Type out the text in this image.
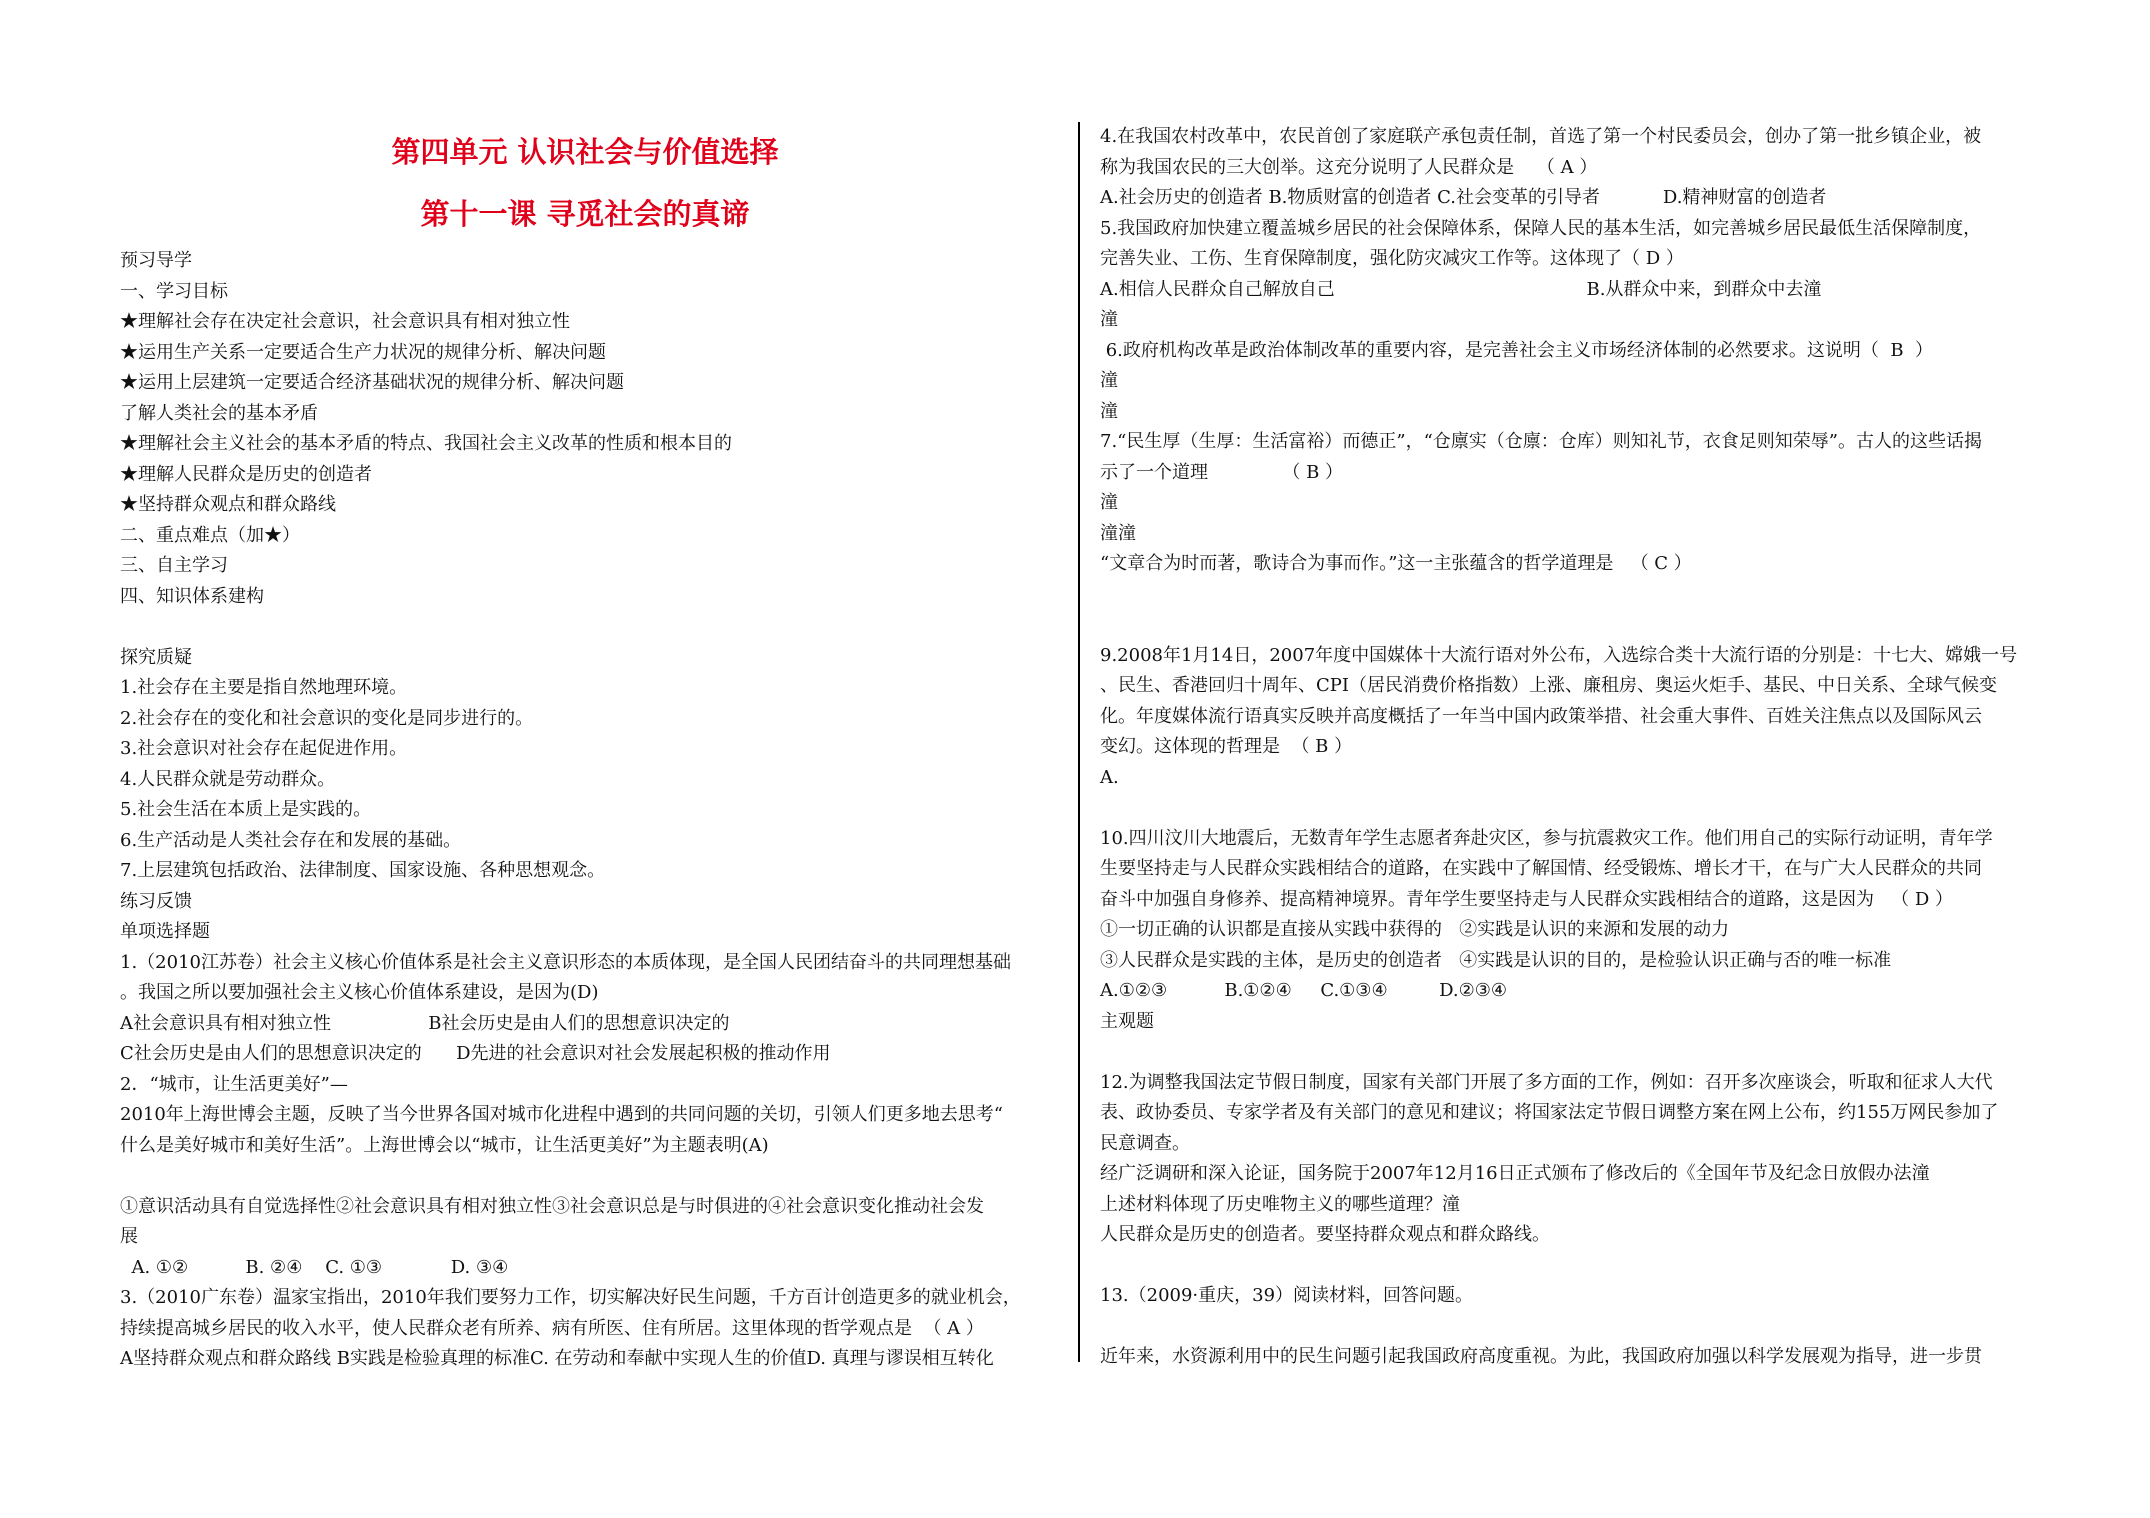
第四单元 认识社会与价值选择
第十一课 寻觅社会的真谛
预习导学
一、学习目标
★理解社会存在决定社会意识，社会意识具有相对独立性
★运用生产关系一定要适合生产力状况的规律分析、解决问题
★运用上层建筑一定要适合经济基础状况的规律分析、解决问题
了解人类社会的基本矛盾
★理解社会主义社会的基本矛盾的特点、我国社会主义改革的性质和根本目的
★理解人民群众是历史的创造者
★坚持群众观点和群众路线
二、重点难点（加★）
三、自主学习
四、知识体系建构
探究质疑
1.社会存在主要是指自然地理环境。
2.社会存在的变化和社会意识的变化是同步进行的。
3.社会意识对社会存在起促进作用。
4.人民群众就是劳动群众。
5.社会生活在本质上是实践的。
6.生产活动是人类社会存在和发展的基础。
7.上层建筑包括政治、法律制度、国家设施、各种思想观念。
练习反馈
单项选择题
1.（2010江苏卷）社会主义核心价值体系是社会主义意识形态的本质体现，是全国人民团结奋斗的共同理想基础
。我国之所以要加强社会主义核心价值体系建设，是因为(D)
A社会意识具有相对独立性                 B社会历史是由人们的思想意识决定的
C社会历史是由人们的思想意识决定的      D先进的社会意识对社会发展起积极的推动作用
2．“城市，让生活更美好”—
2010年上海世博会主题，反映了当今世界各国对城市化进程中遇到的共同问题的关切，引领人们更多地去思考“
什么是美好城市和美好生活”。上海世博会以“城市，让生活更美好”为主题表明(A)
①意识活动具有自觉选择性②社会意识具有相对独立性③社会意识总是与时俱进的④社会意识变化推动社会发
展
A. ①②          B. ②④    C. ①③            D. ③④
3.（2010广东卷）温家宝指出，2010年我们要努力工作，切实解决好民生问题，千方百计创造更多的就业机会，
持续提高城乡居民的收入水平，使人民群众老有所养、病有所医、住有所居。这里体现的哲学观点是  （ A ）
A坚持群众观点和群众路线 B实践是检验真理的标准C. 在劳动和奉献中实现人生的价值D. 真理与谬误相互转化
4.在我国农村改革中，农民首创了家庭联产承包责任制，首选了第一个村民委员会，创办了第一批乡镇企业，被
称为我国农民的三大创举。这充分说明了人民群众是    （ A ）
A.社会历史的创造者 B.物质财富的创造者 C.社会变革的引导者           D.精神财富的创造者
5.我国政府加快建立覆盖城乡居民的社会保障体系，保障人民的基本生活，如完善城乡居民最低生活保障制度，
完善失业、工伤、生育保障制度，强化防灾减灾工作等。这体现了（ D ）
A.相信人民群众自己解放自己                                            B.从群众中来，到群众中去潼
潼
6.政府机构改革是政治体制改革的重要内容，是完善社会主义市场经济体制的必然要求。这说明（  B  ）
潼
潼
7.“民生厚（生厚：生活富裕）而德正”，“仓廪实（仓廪：仓库）则知礼节，衣食足则知荣辱”。古人的这些话揭
示了一个道理             （ B ）
潼
潼潼
“文章合为时而著，歌诗合为事而作。”这一主张蕴含的哲学道理是   （ C ）
9.2008年1月14日，2007年度中国媒体十大流行语对外公布，入选综合类十大流行语的分别是：十七大、嫦娥一号
、民生、香港回归十周年、CPI（居民消费价格指数）上涨、廉租房、奥运火炬手、基民、中日关系、全球气候变
化。年度媒体流行语真实反映并高度概括了一年当中国内政策举措、社会重大事件、百姓关注焦点以及国际风云
变幻。这体现的哲理是  （ B ）
A.
10.四川汶川大地震后，无数青年学生志愿者奔赴灾区，参与抗震救灾工作。他们用自己的实际行动证明，青年学
生要坚持走与人民群众实践相结合的道路，在实践中了解国情、经受锻炼、增长才干，在与广大人民群众的共同
奋斗中加强自身修养、提高精神境界。青年学生要坚持走与人民群众实践相结合的道路，这是因为   （ D ）
①一切正确的认识都是直接从实践中获得的   ②实践是认识的来源和发展的动力
③人民群众是实践的主体，是历史的创造者   ④实践是认识的目的，是检验认识正确与否的唯一标准
A.①②③          B.①②④     C.①③④         D.②③④
主观题
12.为调整我国法定节假日制度，国家有关部门开展了多方面的工作，例如：召开多次座谈会，听取和征求人大代
表、政协委员、专家学者及有关部门的意见和建议；将国家法定节假日调整方案在网上公布，约155万网民参加了
民意调查。
经广泛调研和深入论证，国务院于2007年12月16日正式颁布了修改后的《全国年节及纪念日放假办法潼
上述材料体现了历史唯物主义的哪些道理？潼
人民群众是历史的创造者。要坚持群众观点和群众路线。
13.（2009·重庆，39）阅读材料，回答问题。
近年来，水资源利用中的民生问题引起我国政府高度重视。为此，我国政府加强以科学发展观为指导，进一步贯
